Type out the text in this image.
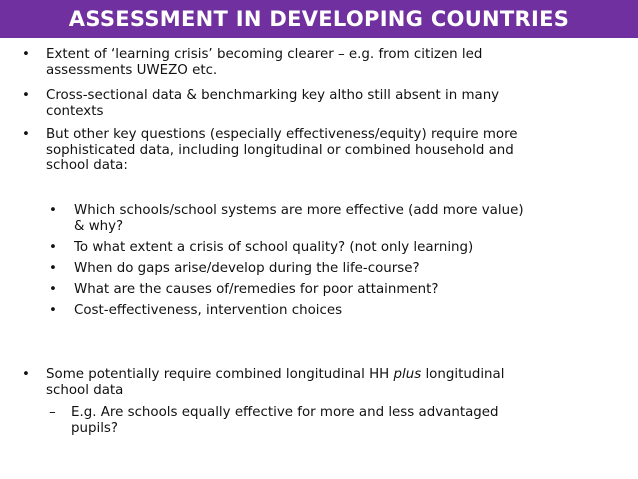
ASSESSMENT IN DEVELOPING COUNTRIES
• Extent of ‘learning crisis’ becoming clearer – e.g. from citizen led
assessments UWEZO etc.
• Cross-sectional data & benchmarking key altho still absent in many
contexts
• But other key questions (especially effectiveness/equity) require more
sophisticated data, including longitudinal or combined household and
school data:
• Which schools/school systems are more effective (add more value)
& why?
• To what extent a crisis of school quality? (not only learning)
• When do gaps arise/develop during the life-course?
• What are the causes of/remedies for poor attainment?
• Cost-effectiveness, intervention choices
• Some potentially require combined longitudinal HH plus longitudinal
school data
– E.g. Are schools equally effective for more and less advantaged
pupils?
